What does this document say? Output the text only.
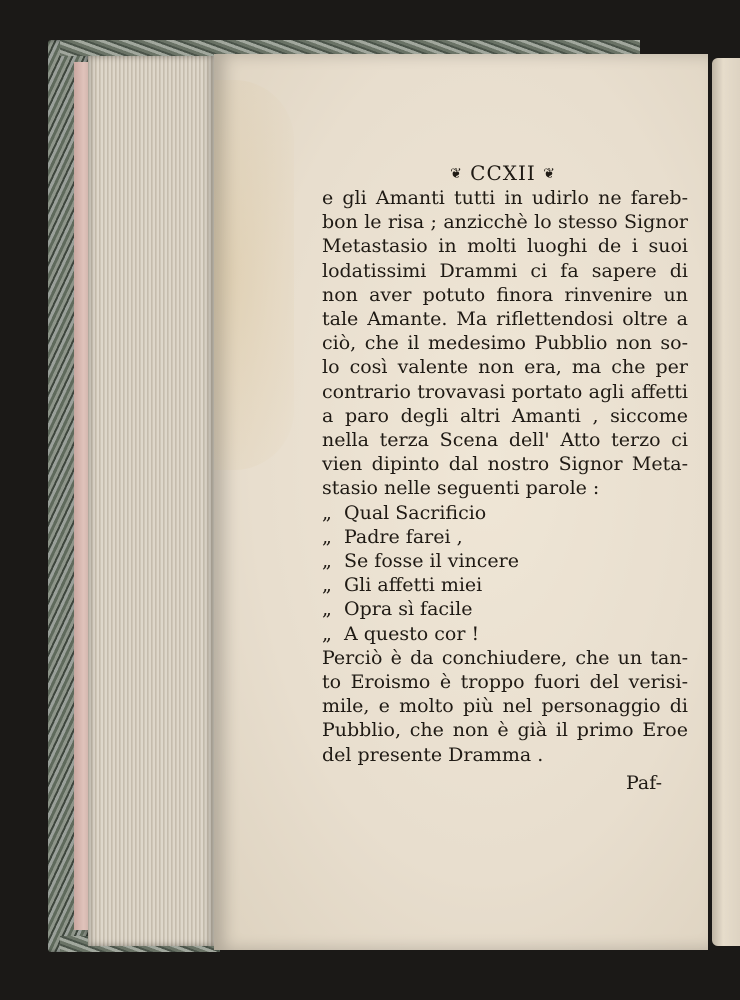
❦ CCXII ❦
e gli Amanti tutti in udirlo ne fareb-
bon le risa ; anzicchè lo stesso Signor
Metastasio in molti luoghi de i suoi
lodatissimi Drammi ci fa sapere di
non aver potuto finora rinvenire un
tale Amante. Ma riflettendosi oltre a
ciò, che il medesimo Pubblio non so-
lo così valente non era, ma che per
contrario trovavasi portato agli affetti
a paro degli altri Amanti , siccome
nella terza Scena dell' Atto terzo ci
vien dipinto dal nostro Signor Meta-
stasio nelle seguenti parole :
„ Qual Sacrificio
„ Padre farei ,
„ Se fosse il vincere
„ Gli affetti miei
„ Opra sì facile
„ A questo cor !
Perciò è da conchiudere, che un tan-
to Eroismo è troppo fuori del verisi-
mile, e molto più nel personaggio di
Pubblio, che non è già il primo Eroe
del presente Dramma .
Paf-
